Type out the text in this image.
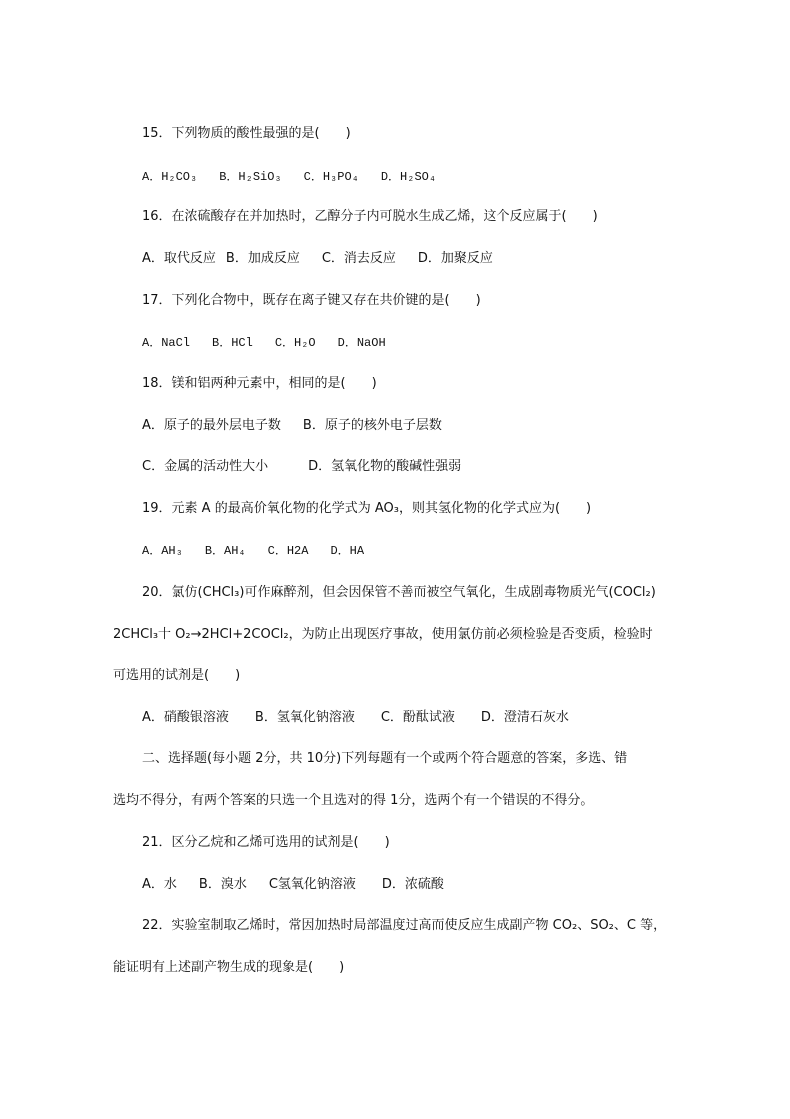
15．下列物质的酸性最强的是(　　)
A．H₂CO₃ B．H₂SiO₃ C．H₃PO₄ D．H₂SO₄
16．在浓硫酸存在并加热时，乙醇分子内可脱水生成乙烯，这个反应属于(　　)
A．取代反应 B．加成反应 C．消去反应 D．加聚反应
17．下列化合物中，既存在离子键又存在共价键的是(　　)
A．NaCl B．HCl C．H₂O D．NaOH
18．镁和铝两种元素中，相同的是(　　)
A．原子的最外层电子数 B．原子的核外电子层数
C．金属的活动性大小	D．氢氧化物的酸碱性强弱
19．元素 A 的最高价氧化物的化学式为 AO₃，则其氢化物的化学式应为(　　)
A．AH₃ B．AH₄ C．H2A D．HA
20．氯仿(CHCl₃)可作麻醉剂，但会因保管不善而被空气氧化，生成剧毒物质光气(COCl₂)
2CHCl₃十 O₂→2HCl+2COCl₂，为防止出现医疗事故，使用氯仿前必须检验是否变质，检验时
可选用的试剂是(　　)
A．硝酸银溶液 B．氢氧化钠溶液 C．酚酞试液 D．澄清石灰水
二、选择题(每小题 2分，共 10分)下列每题有一个或两个符合题意的答案，多选、错
选均不得分，有两个答案的只选一个且选对的得 1分，选两个有一个错误的不得分。
21．区分乙烷和乙烯可选用的试剂是(　　)
A．水 B．溴水 C氢氧化钠溶液 D．浓硫酸
22．实验室制取乙烯时，常因加热时局部温度过高而使反应生成副产物 CO₂、SO₂、C 等，
能证明有上述副产物生成的现象是(　　)
